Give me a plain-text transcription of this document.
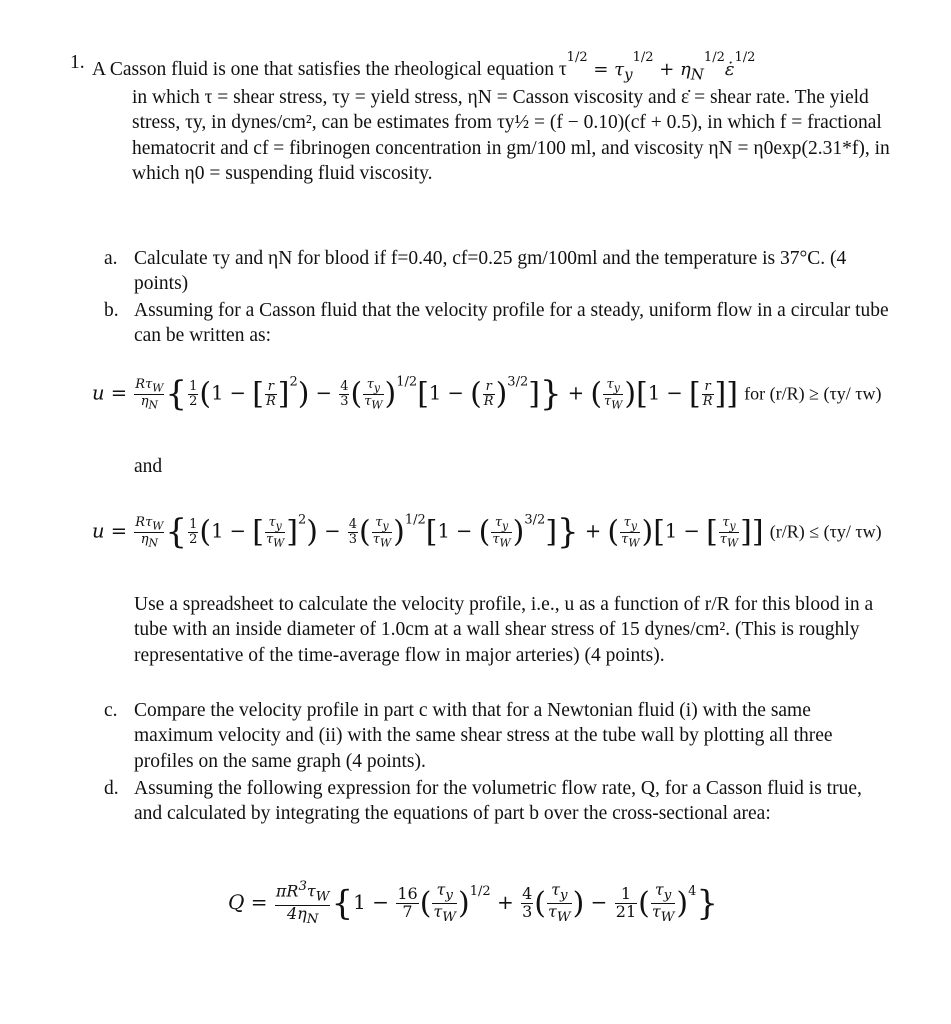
1. A Casson fluid is one that satisfies the rheological equation $\tau^{1/2} = \tau_y^{1/2}$ + $\eta_N^{1/2}\varepsiloṅ^{1/2}$
in which τ = shear stress, τy = yield stress, ηN = Casson viscosity and ε̇ = shear rate. The yield stress, τy, in dynes/cm², can be estimates from τy½ = (f − 0.10)(cf + 0.5), in which f = fractional hematocrit and cf = fibrinogen concentration in gm/100 ml, and viscosity ηN = η0exp(2.31*f), in which η0 = suspending fluid viscosity.
a. Calculate τy and ηN for blood if f=0.40, cf=0.25 gm/100ml and the temperature is 37°C. (4 points)
b. Assuming for a Casson fluid that the velocity profile for a steady, uniform flow in a circular tube can be written as:
$u = \frac{R\tau_W}{\eta_N}$ { $\frac{1}{2} (1$ − [ $\frac{r}{R} ]^2) - \frac{4}{3}$ ( $\frac{\tau_y}{\tau_W} )^{1/2}[1$ − ( $\frac{r}{R} )^{3/2}$]} + ( $\frac{\tau_y}{\tau_W} )[1$ − [ $\frac{r}{R}$ ]] for (r/R) ≥ (τy/ τw)
and
$u = \frac{R\tau_W}{\eta_N}$ { $\frac{1}{2} (1$ − [ $\frac{\tau_y}{\tau_W} ]^2) - \frac{4}{3}$ ( $\frac{\tau_y}{\tau_W} )^{1/2}[1$ − ( $\frac{\tau_y}{\tau_W} )^{3/2}$]} + ( $\frac{\tau_y}{\tau_W} )[1$ − [ $\frac{\tau_y}{\tau_W}$ ]] (r/R) ≤ (τy/ τw)
Use a spreadsheet to calculate the velocity profile, i.e., u as a function of r/R for this blood in a tube with an inside diameter of 1.0cm at a wall shear stress of 15 dynes/cm². (This is roughly representative of the time-average flow in major arteries) (4 points).
c. Compare the velocity profile in part c with that for a Newtonian fluid (i) with the same maximum velocity and (ii) with the same shear stress at the tube wall by plotting all three profiles on the same graph (4 points).
d. Assuming the following expression for the volumetric flow rate, Q, for a Casson fluid is true, and calculated by integrating the equations of part b over the cross-sectional area:
$Q = \frac{\pi R^3\tau_W}{4\eta_N} \{1 - \frac{16}{7}$ ( $\frac{\tau_y}{\tau_W} )^{1/2} + \frac{4}{3}$ ( $\frac{\tau_y}{\tau_W}$ ) − $\frac{1}{21}$ ( $\frac{\tau_y}{\tau_W} )^4$}
